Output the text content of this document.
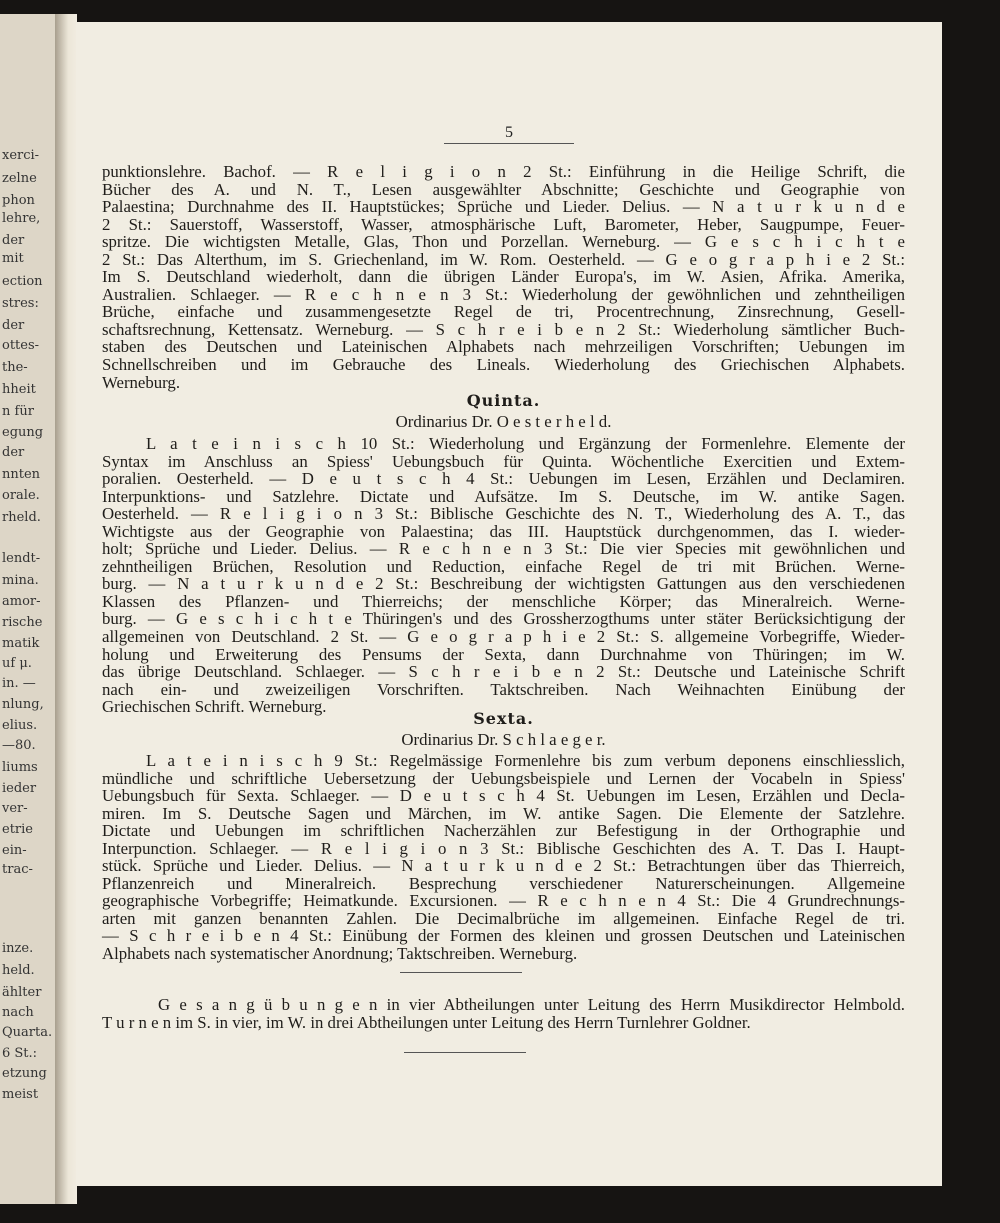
xerci-
zelne
phon
lehre,
der
mit
ection
stres:
der
ottes-
the-
hheit
n für
egung
der
nnten
orale.
rheld.
lendt-
mina.
amor-
rische
matik
uf μ.
in. —
nlung,
elius.
—80.
liums
ieder
ver-
etrie
ein-
trac-
inze.
held.
ählter
nach
Quarta.
6 St.:
etzung
meist
5
punktionslehre. Bachof. — R e l i g i o n 2 St.: Einführung in die Heilige Schrift, die
Bücher des A. und N. T., Lesen ausgewählter Abschnitte; Geschichte und Geographie von
Palaestina; Durchnahme des II. Hauptstückes; Sprüche und Lieder. Delius. — N a t u r k u n d e
2 St.: Sauerstoff, Wasserstoff, Wasser, atmosphärische Luft, Barometer, Heber, Saugpumpe, Feuer-
spritze. Die wichtigsten Metalle, Glas, Thon und Porzellan. Werneburg. — G e s c h i c h t e
2 St.: Das Alterthum, im S. Griechenland, im W. Rom. Oesterheld. — G e o g r a p h i e 2 St.:
Im S. Deutschland wiederholt, dann die übrigen Länder Europa's, im W. Asien, Afrika. Amerika,
Australien. Schlaeger. — R e c h n e n 3 St.: Wiederholung der gewöhnlichen und zehntheiligen
Brüche, einfache und zusammengesetzte Regel de tri, Procentrechnung, Zinsrechnung, Gesell-
schaftsrechnung, Kettensatz. Werneburg. — S c h r e i b e n 2 St.: Wiederholung sämtlicher Buch-
staben des Deutschen und Lateinischen Alphabets nach mehrzeiligen Vorschriften; Uebungen im
Schnellschreiben und im Gebrauche des Lineals. Wiederholung des Griechischen Alphabets.
Werneburg.
Quinta.
Ordinarius Dr. O e s t e r h e l d.
L a t e i n i s c h 10 St.: Wiederholung und Ergänzung der Formenlehre. Elemente der
Syntax im Anschluss an Spiess' Uebungsbuch für Quinta. Wöchentliche Exercitien und Extem-
poralien. Oesterheld. — D e u t s c h 4 St.: Uebungen im Lesen, Erzählen und Declamiren.
Interpunktions- und Satzlehre. Dictate und Aufsätze. Im S. Deutsche, im W. antike Sagen.
Oesterheld. — R e l i g i o n 3 St.: Biblische Geschichte des N. T., Wiederholung des A. T., das
Wichtigste aus der Geographie von Palaestina; das III. Hauptstück durchgenommen, das I. wieder-
holt; Sprüche und Lieder. Delius. — R e c h n e n 3 St.: Die vier Species mit gewöhnlichen und
zehntheiligen Brüchen, Resolution und Reduction, einfache Regel de tri mit Brüchen. Werne-
burg. — N a t u r k u n d e 2 St.: Beschreibung der wichtigsten Gattungen aus den verschiedenen
Klassen des Pflanzen- und Thierreichs; der menschliche Körper; das Mineralreich. Werne-
burg. — G e s c h i c h t e Thüringen's und des Grossherzogthums unter stäter Berücksichtigung der
allgemeinen von Deutschland. 2 St. — G e o g r a p h i e 2 St.: S. allgemeine Vorbegriffe, Wieder-
holung und Erweiterung des Pensums der Sexta, dann Durchnahme von Thüringen; im W.
das übrige Deutschland. Schlaeger. — S c h r e i b e n 2 St.: Deutsche und Lateinische Schrift
nach ein- und zweizeiligen Vorschriften. Taktschreiben. Nach Weihnachten Einübung der
Griechischen Schrift. Werneburg.
Sexta.
Ordinarius Dr. S c h l a e g e r.
L a t e i n i s c h 9 St.: Regelmässige Formenlehre bis zum verbum deponens einschliesslich,
mündliche und schriftliche Uebersetzung der Uebungsbeispiele und Lernen der Vocabeln in Spiess'
Uebungsbuch für Sexta. Schlaeger. — D e u t s c h 4 St. Uebungen im Lesen, Erzählen und Decla-
miren. Im S. Deutsche Sagen und Märchen, im W. antike Sagen. Die Elemente der Satzlehre.
Dictate und Uebungen im schriftlichen Nacherzählen zur Befestigung in der Orthographie und
Interpunction. Schlaeger. — R e l i g i o n 3 St.: Biblische Geschichten des A. T. Das I. Haupt-
stück. Sprüche und Lieder. Delius. — N a t u r k u n d e 2 St.: Betrachtungen über das Thierreich,
Pflanzenreich und Mineralreich. Besprechung verschiedener Naturerscheinungen. Allgemeine
geographische Vorbegriffe; Heimatkunde. Excursionen. — R e c h n e n 4 St.: Die 4 Grundrechnungs-
arten mit ganzen benannten Zahlen. Die Decimalbrüche im allgemeinen. Einfache Regel de tri.
— S c h r e i b e n 4 St.: Einübung der Formen des kleinen und grossen Deutschen und Lateinischen
Alphabets nach systematischer Anordnung; Taktschreiben. Werneburg.
G e s a n g ü b u n g e n in vier Abtheilungen unter Leitung des Herrn Musikdirector Helmbold.
T u r n e n im S. in vier, im W. in drei Abtheilungen unter Leitung des Herrn Turnlehrer Goldner.
